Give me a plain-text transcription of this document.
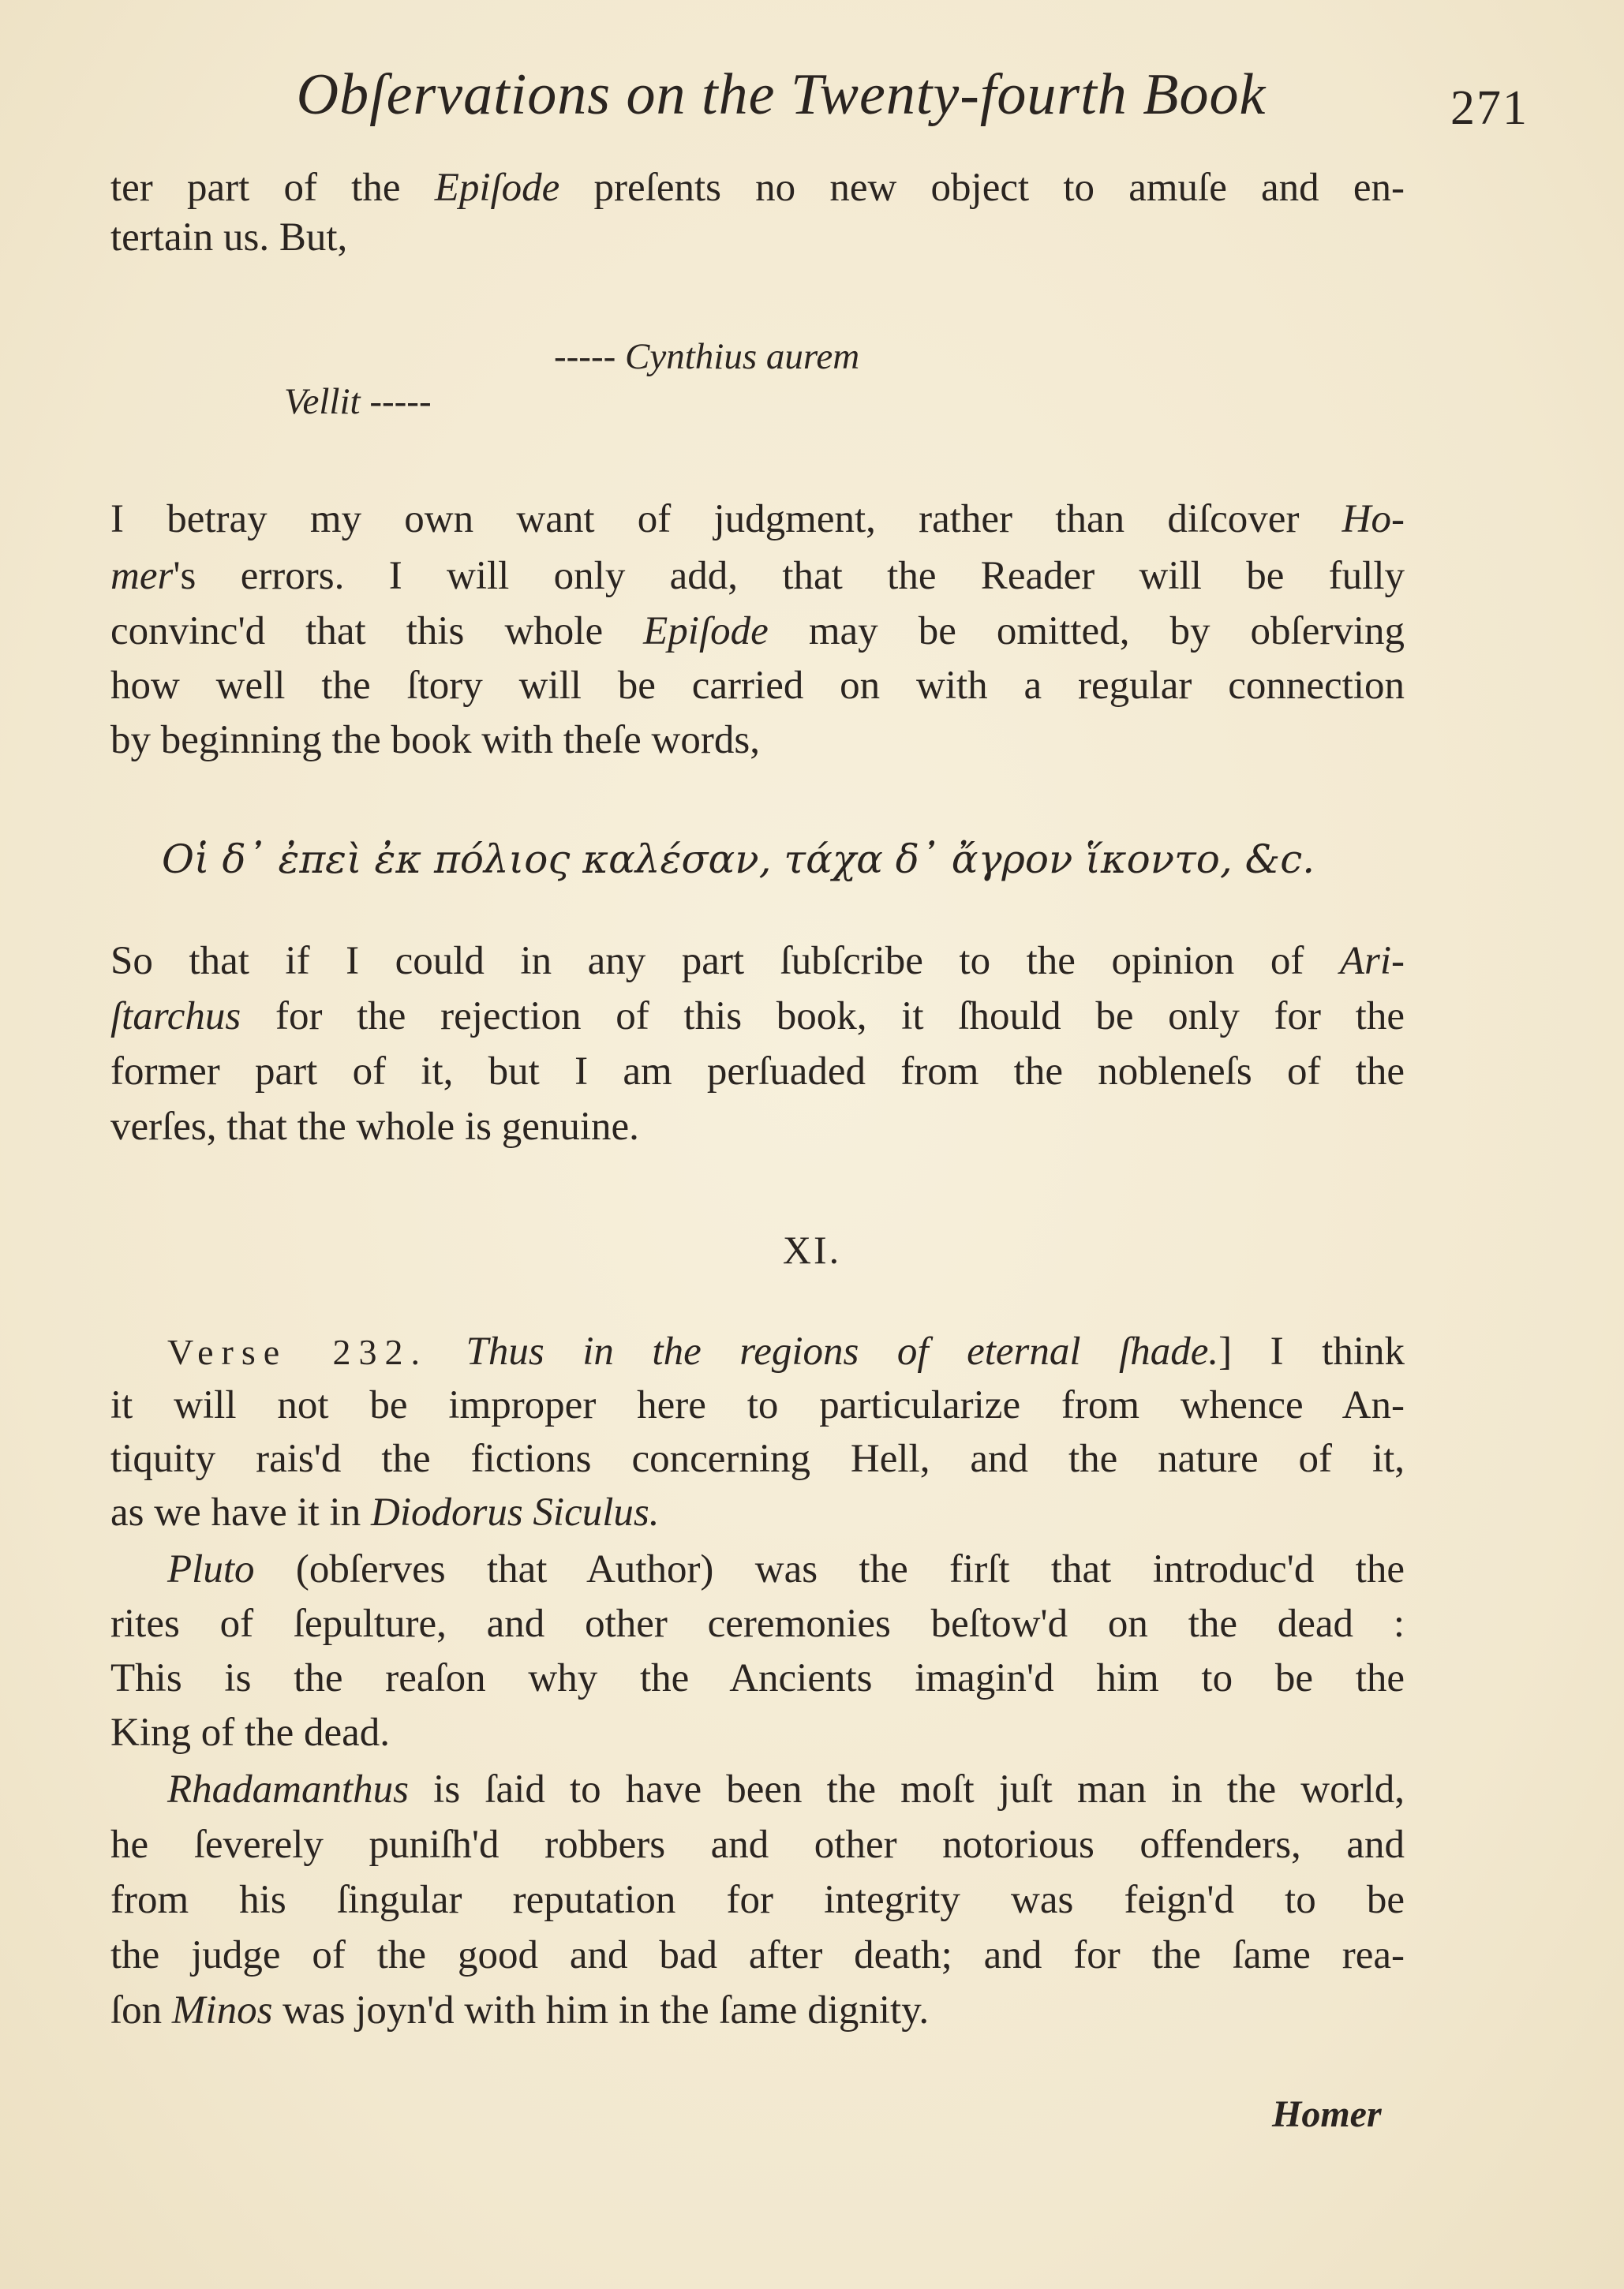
Obſervations on the Twenty-fourth Book	271
ter part of the Epiſode preſents no new object to amuſe and en-
tertain us. But,
----- Cynthius aurem
Vellit -----
I betray my own want of judgment, rather than diſcover Ho-
mer's errors. I will only add, that the Reader will be fully
convinc'd that this whole Epiſode may be omitted, by obſerving
how well the ſtory will be carried on with a regular connection
by beginning the book with theſe words,
Οἱ δ᾽ ἐπεὶ ἐκ πόλιος καλέσαν, τάχα δ᾽ ἄγρον ἵκοντο, &c.
So that if I could in any part ſubſcribe to the opinion of Ari-
ſtarchus for the rejection of this book, it ſhould be only for the
former part of it, but I am perſuaded from the nobleneſs of the
verſes, that the whole is genuine.
XI.
Verse 232. Thus in the regions of eternal ſhade.] I think
it will not be improper here to particularize from whence An-
tiquity rais'd the fictions concerning Hell, and the nature of it,
as we have it in Diodorus Siculus.
Pluto (obſerves that Author) was the firſt that introduc'd the
rites of ſepulture, and other ceremonies beſtow'd on the dead :
This is the reaſon why the Ancients imagin'd him to be the
King of the dead.
Rhadamanthus is ſaid to have been the moſt juſt man in the world,
he ſeverely puniſh'd robbers and other notorious offenders, and
from his ſingular reputation for integrity was feign'd to be
the judge of the good and bad after death; and for the ſame rea-
ſon Minos was joyn'd with him in the ſame dignity.
Homer
